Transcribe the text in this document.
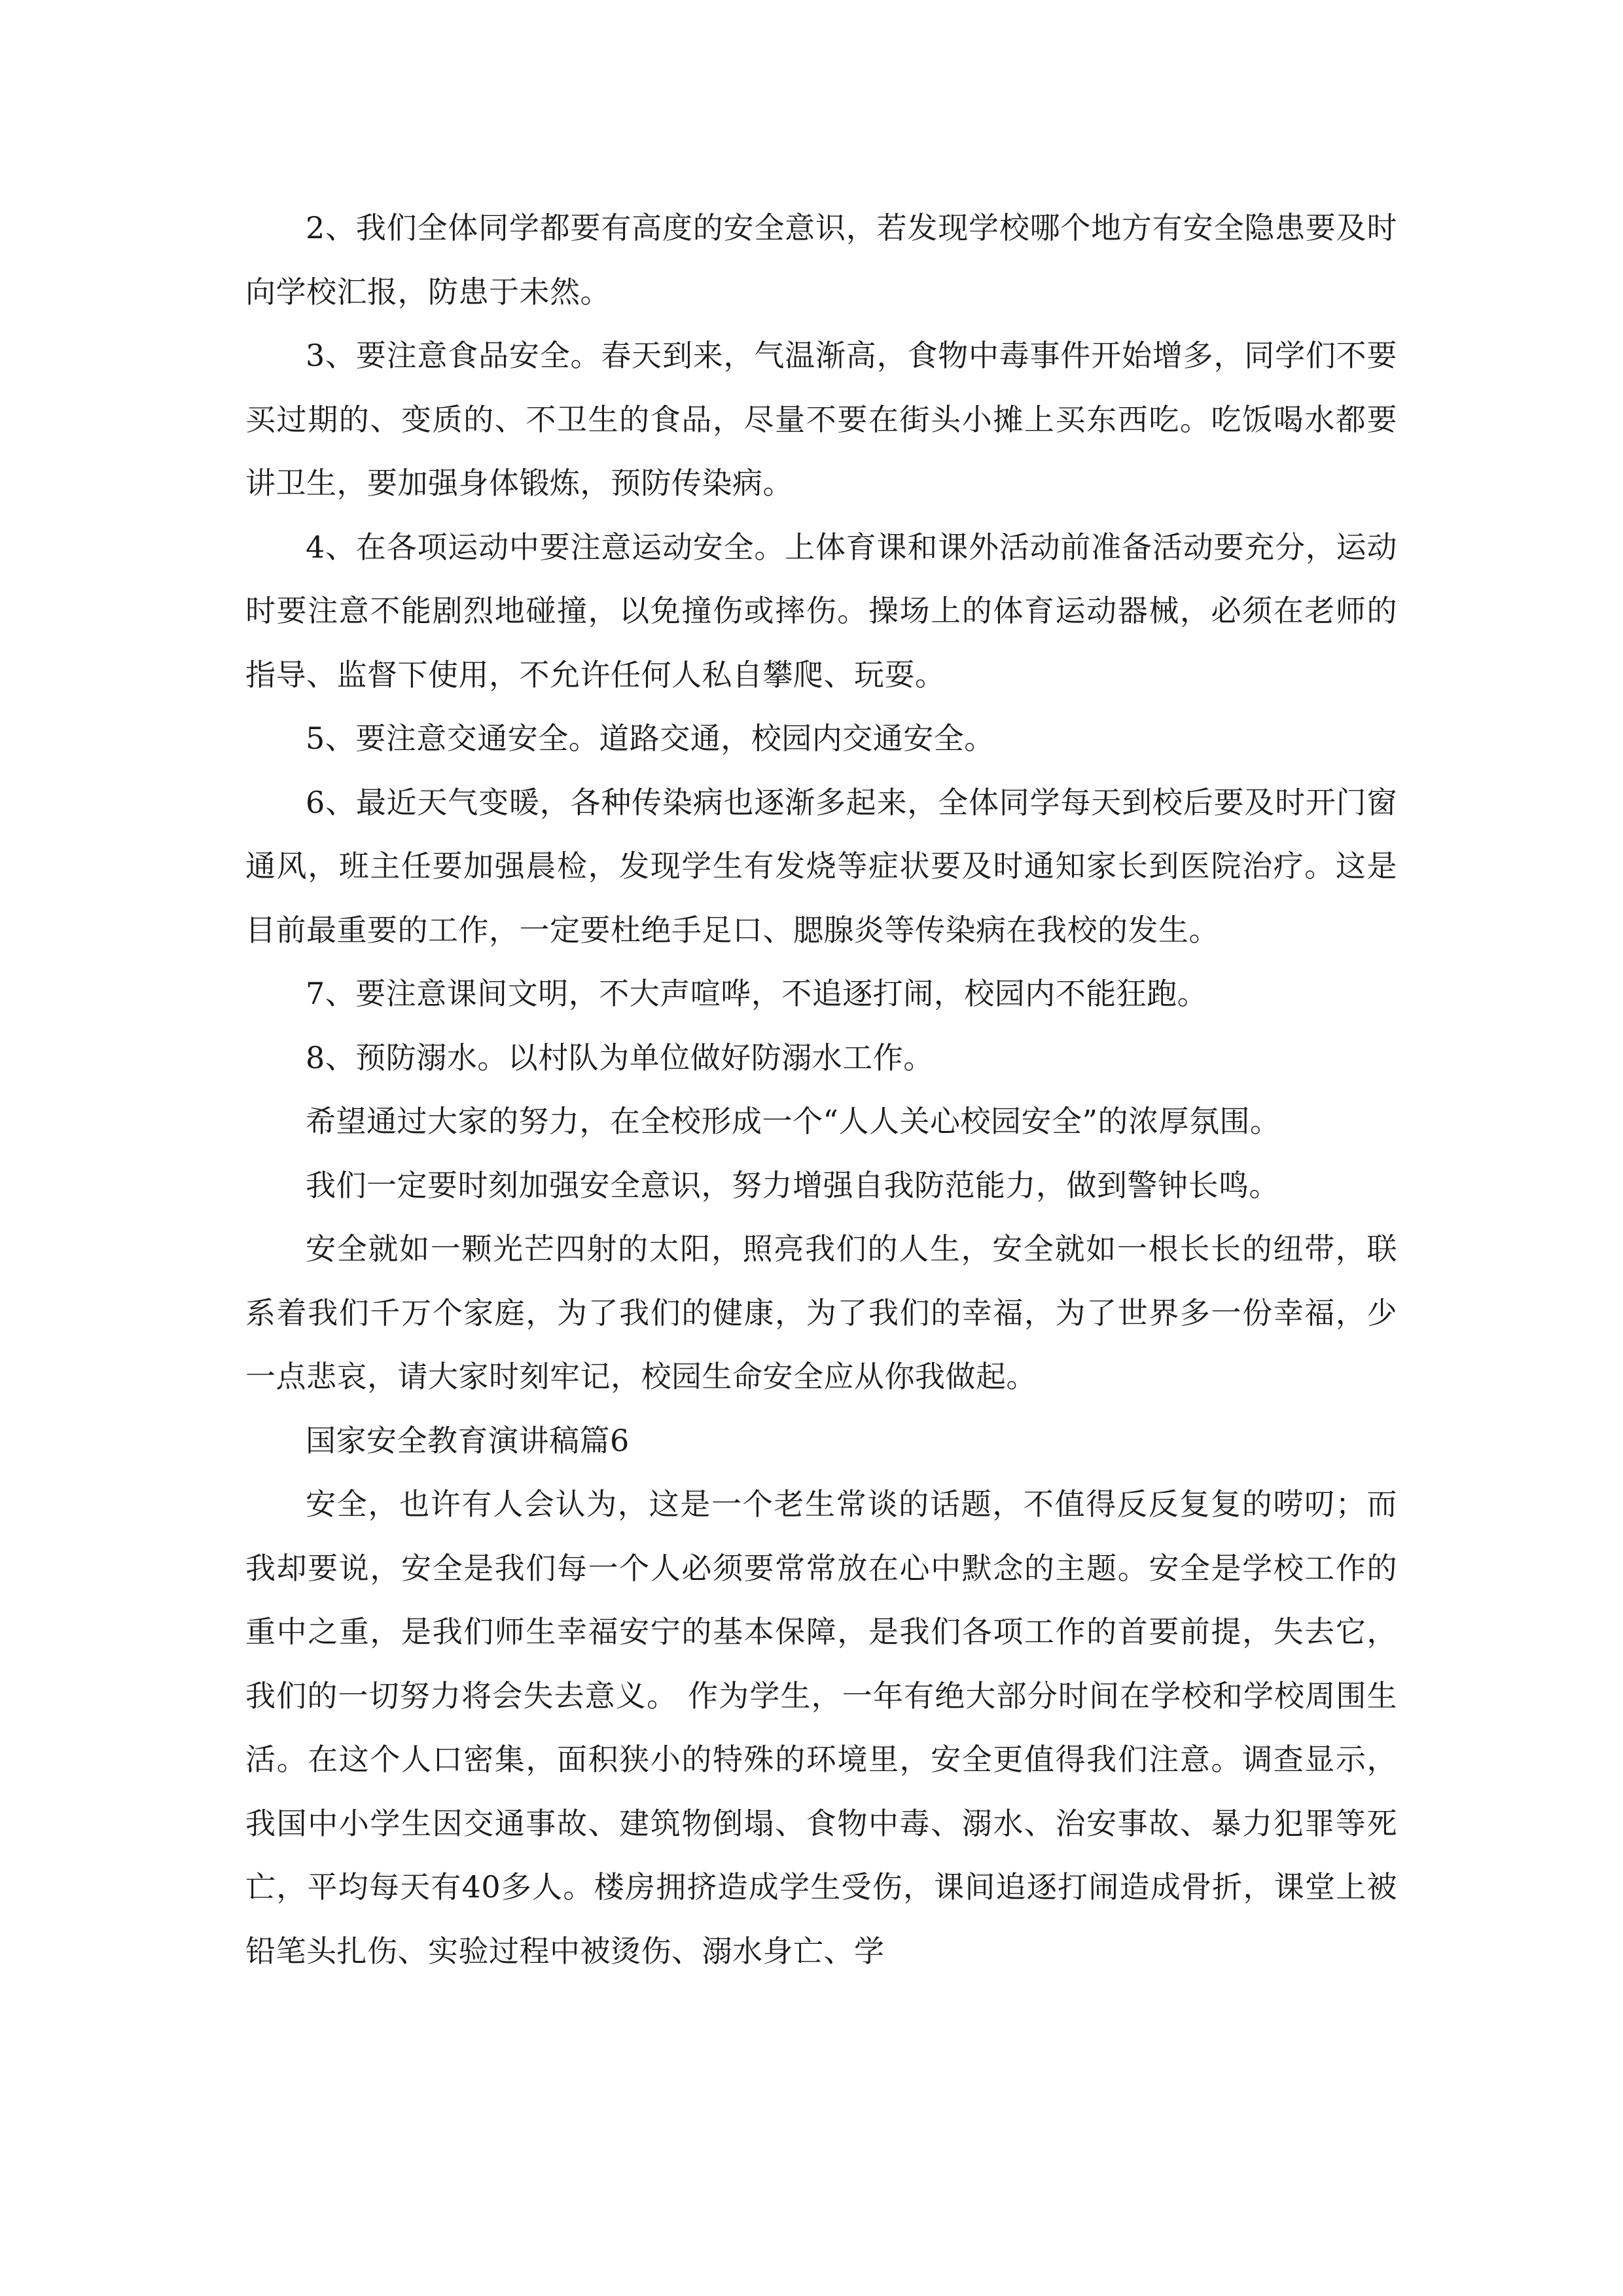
2、我们全体同学都要有高度的安全意识，若发现学校哪个地方有安全隐患要及时向学校汇报，防患于未然。

3、要注意食品安全。春天到来，气温渐高，食物中毒事件开始增多，同学们不要买过期的、变质的、不卫生的食品，尽量不要在街头小摊上买东西吃。吃饭喝水都要讲卫生，要加强身体锻炼，预防传染病。

4、在各项运动中要注意运动安全。上体育课和课外活动前准备活动要充分，运动时要注意不能剧烈地碰撞，以免撞伤或摔伤。操场上的体育运动器械，必须在老师的指导、监督下使用，不允许任何人私自攀爬、玩耍。

5、要注意交通安全。道路交通，校园内交通安全。

6、最近天气变暖，各种传染病也逐渐多起来，全体同学每天到校后要及时开门窗通风，班主任要加强晨检，发现学生有发烧等症状要及时通知家长到医院治疗。这是目前最重要的工作，一定要杜绝手足口、腮腺炎等传染病在我校的发生。

7、要注意课间文明，不大声喧哗，不追逐打闹，校园内不能狂跑。

8、预防溺水。以村队为单位做好防溺水工作。

希望通过大家的努力，在全校形成一个“人人关心校园安全”的浓厚氛围。

我们一定要时刻加强安全意识，努力增强自我防范能力，做到警钟长鸣。

安全就如一颗光芒四射的太阳，照亮我们的人生，安全就如一根长长的纽带，联系着我们千万个家庭，为了我们的健康，为了我们的幸福，为了世界多一份幸福，少一点悲哀，请大家时刻牢记，校园生命安全应从你我做起。

国家安全教育演讲稿篇6

安全，也许有人会认为，这是一个老生常谈的话题，不值得反反复复的唠叨；而我却要说，安全是我们每一个人必须要常常放在心中默念的主题。安全是学校工作的重中之重，是我们师生幸福安宁的基本保障，是我们各项工作的首要前提，失去它，我们的一切努力将会失去意义。 作为学生，一年有绝大部分时间在学校和学校周围生活。在这个人口密集，面积狭小的特殊的环境里，安全更值得我们注意。调查显示，我国中小学生因交通事故、建筑物倒塌、食物中毒、溺水、治安事故、暴力犯罪等死亡，平均每天有40多人。楼房拥挤造成学生受伤，课间追逐打闹造成骨折，课堂上被铅笔头扎伤、实验过程中被烫伤、溺水身亡、学
